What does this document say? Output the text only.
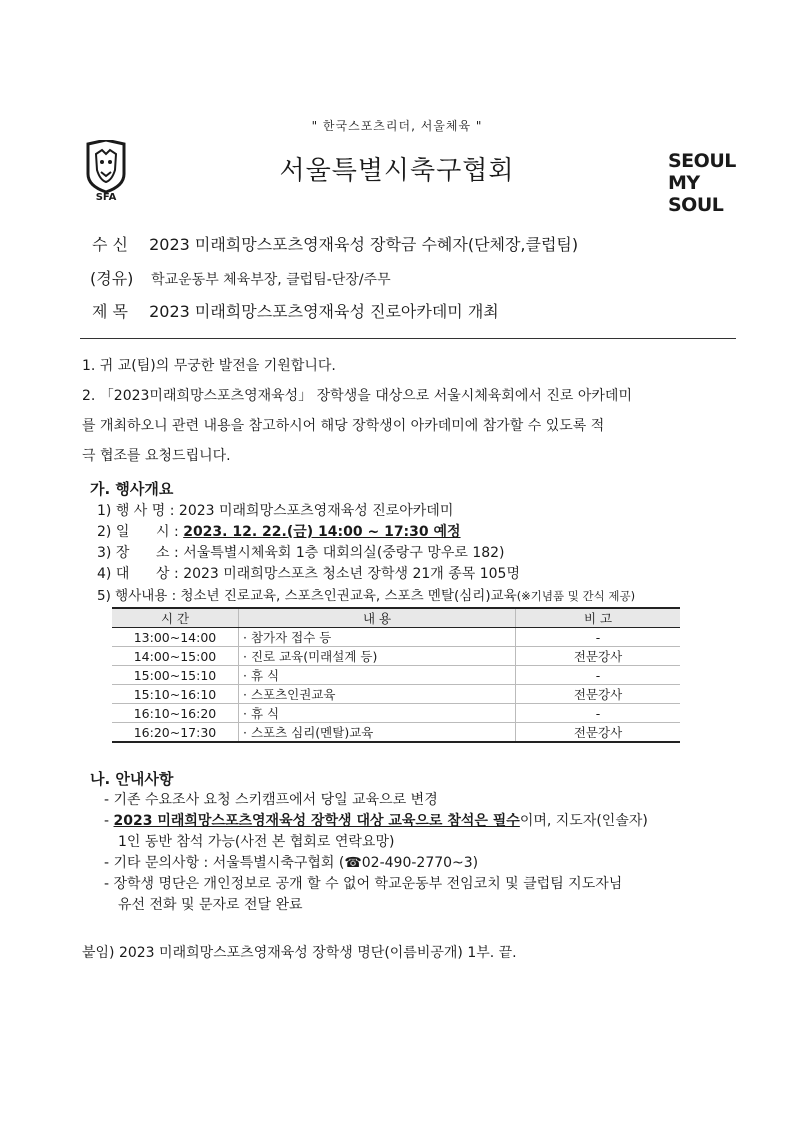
" 한국스포츠리더, 서울체육 "
SFA
서울특별시축구협회	SEOUL
MY SOUL
수 신 2023 미래희망스포츠영재육성 장학금 수혜자(단체장,클럽팀)
(경유) 학교운동부 체육부장, 클럽팀-단장/주무
제 목 2023 미래희망스포츠영재육성 진로아카데미 개최
1. 귀 교(팀)의 무궁한 발전을 기원합니다.
2. 「2023미래희망스포츠영재육성」 장학생을 대상으로 서울시체육회에서 진로 아카데미
를 개최하오니 관련 내용을 참고하시어 해당 장학생이 아카데미에 참가할 수 있도록 적
극 협조를 요청드립니다.
가. 행사개요
1) 행 사 명 : 2023 미래희망스포츠영재육성 진로아카데미
2) 일      시 : 2023. 12. 22.(금) 14:00 ~ 17:30 예정
3) 장      소 : 서울특별시체육회 1층 대회의실(중랑구 망우로 182)
4) 대      상 : 2023 미래희망스포츠 청소년 장학생 21개 종목 105명
5) 행사내용 : 청소년 진로교육, 스포츠인권교육, 스포츠 멘탈(심리)교육(※기념품 및 간식 제공)
시 간	내 용	비 고
13:00~14:00	· 참가자 접수 등	-
14:00~15:00	· 진로 교육(미래설계 등)	전문강사
15:00~15:10	· 휴 식	-
15:10~16:10	· 스포츠인권교육	전문강사
16:10~16:20	· 휴 식	-
16:20~17:30	· 스포츠 심리(멘탈)교육	전문강사
나. 안내사항
- 기존 수요조사 요청 스키캠프에서 당일 교육으로 변경
- 2023 미래희망스포츠영재육성 장학생 대상 교육으로 참석은 필수이며, 지도자(인솔자)
1인 동반 참석 가능(사전 본 협회로 연락요망)
- 기타 문의사항 : 서울특별시축구협회 (☎02-490-2770~3)
- 장학생 명단은 개인정보로 공개 할 수 없어 학교운동부 전임코치 및 클럽팀 지도자님
유선 전화 및 문자로 전달 완료
붙임) 2023 미래희망스포츠영재육성 장학생 명단(이름비공개) 1부. 끝.
